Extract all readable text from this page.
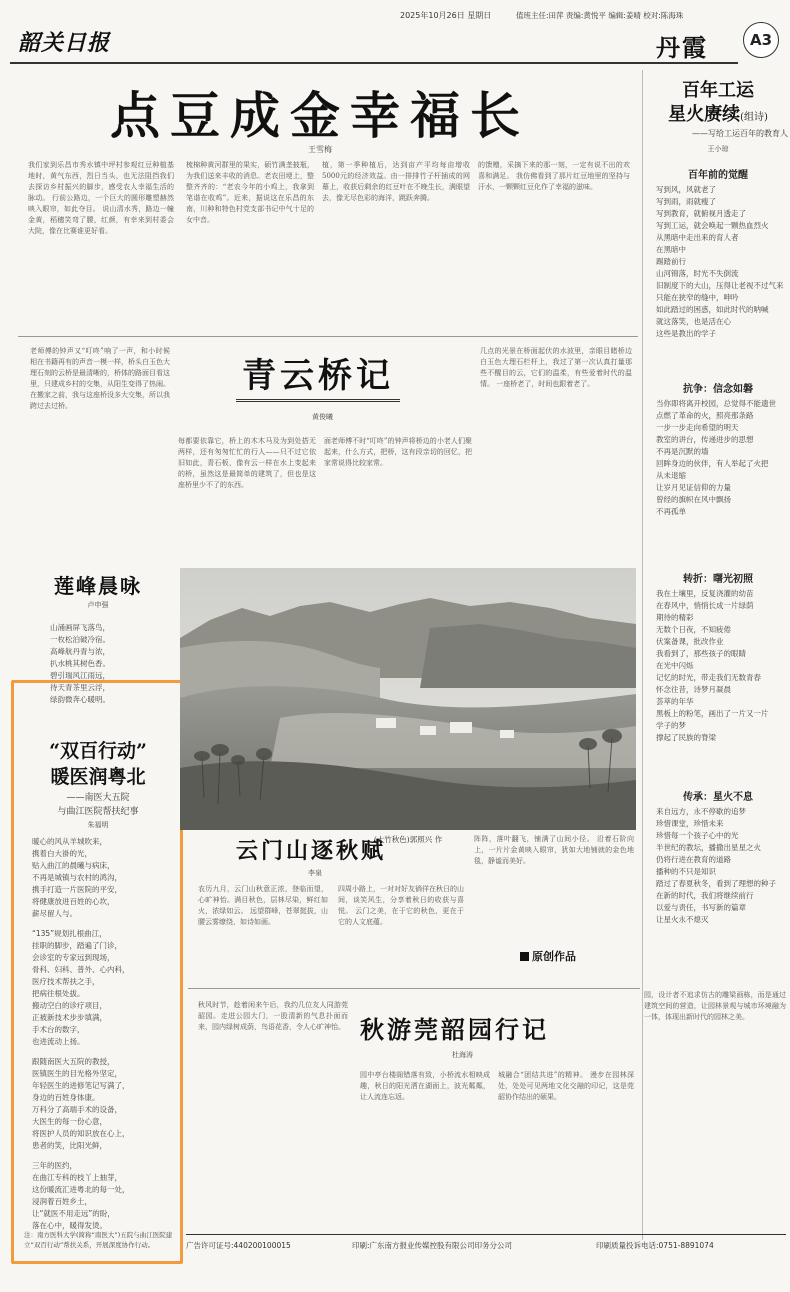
韶关日报
2025年10月26日 星期日	值班主任:田萍 责编:黄悦平 编辑:姜晴 校对:陈海珠
丹霞	A3
点豆成金幸福长
王雪梅
我们家到乐昌市秀水镇中坪村参观红豆种植基地时，黄气东西，烈日当头，也无法阻挡我们去探访乡村振兴的脚步，感受农人幸福生活的脉动。 行前公路边，一个巨大的圆形雕塑赫然映入眼帘，如此夺目。 说山清水秀，路边一幢金黄，稻穗笑弯了腰，红颜，有幸来到村委会大院，像在比赛谁更好看。
梳棉种黄河群里的果实，硕竹满垄披瓶，为我们送来丰收的消息。老农田埂上，整整齐齐的：“老农今年的小鸡上，我拿到笔谐在收鸡”。近来，据说这在乐昌的东南，川种和特色村党支部书记中气十足的女中音。
植，第一季种植后，达到亩产平均每亩增收5000元的经济效益。由一排排竹子杆插成的网幕上，收获后剩余的红豆叶在不晚生长，满眼望去，像无尽色彩的海洋，跳跃奔腾。
的馈赠，采摘下来的那一刻，一定有说不出的欢喜和满足。 我仿佛看到了那片红豆地里的坚持与汗水，一颗颗红豆化作了幸福的滋味。
百年工运
星火赓续(组诗)
——写给工运百年的教育人
王小琼
百年前的觉醒
写到风，风就老了
写到雨，雨就瘦了
写到教育，就俯视月透走了
写到工运，就会唤起一颗热血烈火
从黑暗中走出来的育人者
在黑暗中
踢踏前行
山河锦落，时光不失倒流
旧制度下的大山，压得让老视不过气来
只能在狭窄的缝中，呻吟
如此踏过的困惑，如此时代的呐喊
就这落笑，也是活在心
这些是教出的学子
抗争：信念如磐
当你即将离开校园，总觉得不能遗世
点燃了革命的火，照亮那条路
一步一步走向希望的明天
教室的讲台，传递进步的思想
不再是沉默的墙
回眸身边的伙伴，有人举起了火把
从未退缩
让岁月见证信仰的力量
曾经的旗帜在风中飘扬
不再孤单
转折：曙光初照
我在土壤里，反复浇灌的幼苗
在春风中，悄悄长成一片绿荫
期待的精彩
无数个日夜，不知疲倦
伏案备课，批改作业
我看到了，那些孩子的眼睛
在光中闪烁
记忆的时光，带走我们无数青春
怀念往昔，诗梦月凝晨
荟萃的年华
黑板上的粉笔，画出了一片又一片
学子的梦
撑起了民族的脊梁
传承：星火不息
来自远方，永不停歇的追梦
珍惜课堂，珍惜未来
珍惜每一个孩子心中的光
半世纪的教坛，播撒出星星之火
仍将行进在教育的道路
播种的不只是知识
踏过了春夏秋冬，看到了理想的种子
在新的时代，我们将继续前行
以爱与责任，书写新的篇章
让星火永不熄灭
青云桥记
黄俊曦
老师傅的钟声又“叮咚”响了一声，和小时候相在书籍再有的声音一模一样，桥头白玉色大理石刻的云桥是最清晰的，桥体的路面目看这里，只建成乡村的交集，从阳生变得了热闹。 在搬家之前，我与这座桥没多大交集，所以我跨过去过桥。
每都要依靠它，桥上的木木马及为到处搭无两样，还有匆匆忙忙的行人——只不过它依旧如此，青石板，像有云一样在水上变起来的桥，虽然这是最简单的建筑了，但也是这座桥里少不了的东西。
面老师傅不时“叮咚”的钟声将桥边的小老人们聚起来，什么方式，把桥，这有段亲切的回忆，把家常说得比较家常。
几点的光景在桥面起伏的水波里，亲眼目睹桥边白玉色大理石栏杆上，我过了第一次认真打量那些不醒目的云，它们的温柔，有些爱着时代的温情。 一座桥老了，时间也跟着老了。
莲峰晨咏
卢申强
山涌画屏飞落鸟，
一枚松泊破冷宿。
高峰航丹青与浓，
扒水桃其树色香。
碧引瑞风江雨远，
待天青茶里云浮，
绿韵微奔心暖明。
“双百行动”
暖医润粤北
——南医大五院
与曲江医院帮扶纪事
朱福明
暖心的风从羊城吹来，
携着白大褂的光，
贴入曲江的晨曦与病床，
不再是城镇与农村的鸿沟，
携手打造一片医院的平安，
将健康放进百姓的心坎，
薪尽留人与。
“135”规划扎根曲江，
挂职的脚步，踏遍了门诊，
会诊室的专家远到现场，
骨科、妇科、普外、心内科，
医疗技术帮扶之手，
把病往根处拔。
搬动空白的诊疗项目，
正被新技术步步填满，
手术台的数字，
也进流动上扬。
跟随南医大五院的教授，
医镇医生的目光格外坚定，
年轻医生的进修笔记写满了，
身边的百姓身体康。
万科分了高端手术的设备，
大医生的每一份心意，
将医护人员的知识放在心上，
患者的笑，比阳光鲜，
三年的医约，
在曲江专科的枝丫上抽芽，
这份暖流汇进粤北的每一处，
浸润着百姓乡土，
让“就医不用走远”的盼，
落在心中，暖得发烫。
注：南方医科大学(简称“南医大”)五院与曲江医院建立“双百行动”帮扶关系，开展深度协作行动。
(大竹秋色)郭照兴 作
云门山逐秋赋
李泉
农历九月，云门山秋意正浓，登临而望，心旷神怡。满目秋色，层林尽染，鲜红如火，浓绿如云。 远望群峰，苍翠挺拔，山腰云雾缭绕，如诗如画。
四周小路上，一对对好友徜徉在秋日的山间，谈笑风生，分享着秋日的收获与喜悦。 云门之美，在于它的秋色，更在于它的人文底蕴。
阵阵，落叶翻飞，铺满了山间小径。 沿着石阶向上，一片片金黄映入眼帘，犹如大地铺就的金色地毯，静谧而美好。
原创作品
秋游莞韶园行记
杜海涛
秋风时节，趁着闲来午后，我约几位友人同游莞韶园。走进公园大门，一股清新的气息扑面而来，园内绿树成荫，鸟语花香，令人心旷神怡。
园中亭台楼阁错落有致，小桥流水相映成趣，秋日的阳光洒在湖面上，波光粼粼，让人流连忘返。
城融合“团结共进”的精神。 漫步在园林深处，处处可见两地文化交融的印记，这是莞韶协作结出的硕果。
园，设计者不追求仿古的雕梁画栋，而是通过建筑空间的营造，让园林景观与城市环境融为一体，体现出新时代的园林之美。
广告许可证号:440200100015	印刷:广东南方报业传媒控股有限公司印务分公司	印刷质量投诉电话:0751-8891074
